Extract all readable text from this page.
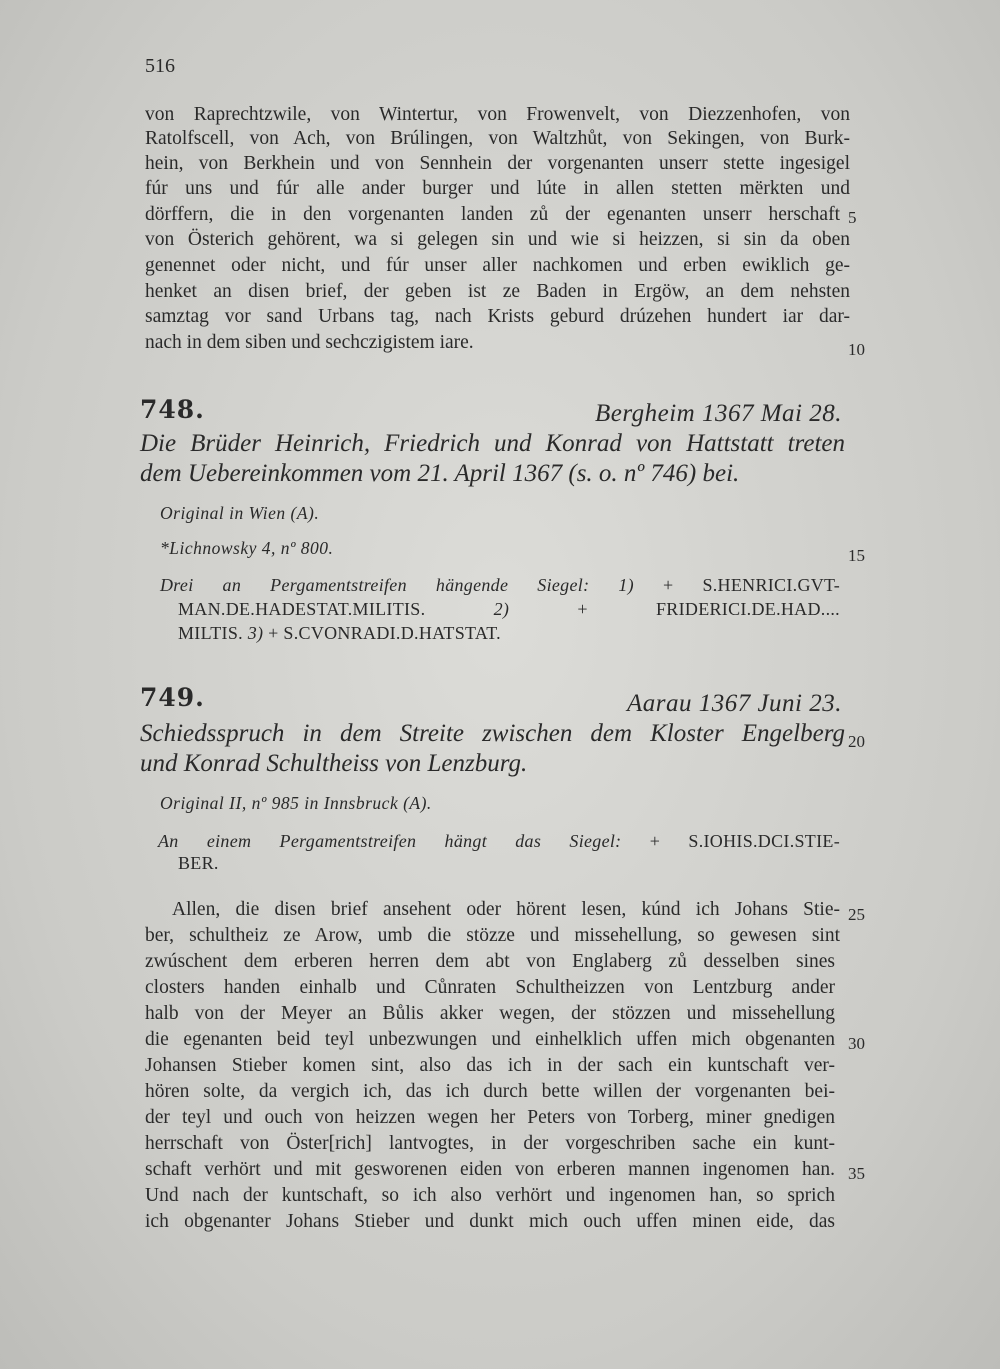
516
von Raprechtzwile, von Wintertur, von Frowenvelt, von Diezzenhofen, von
Ratolfscell, von Ach, von Brúlingen, von Waltzhůt, von Sekingen, von Burk-
hein, von Berkhein und von Sennhein der vorgenanten unserr stette ingesigel
fúr uns und fúr alle ander burger und lúte in allen stetten mërkten und
dörffern, die in den vorgenanten landen zů der egenanten unserr herschaft
von Österich gehörent, wa si gelegen sin und wie si heizzen, si sin da oben
genennet oder nicht, und fúr unser aller nachkomen und erben ewiklich ge-
henket an disen brief, der geben ist ze Baden in Ergöw, an dem nehsten
samztag vor sand Urbans tag, nach Krists geburd drúzehen hundert iar dar-
nach in dem siben und sechczigistem iare.
5
10
15
20
25
30
35
748.	Bergheim 1367 Mai 28.
Die Brüder Heinrich, Friedrich und Konrad von Hattstatt treten
dem Uebereinkommen vom 21. April 1367 (s. o. nº 746) bei.
Original in Wien (A).
*Lichnowsky 4, nº 800.
Drei an Pergamentstreifen hängende Siegel: 1) + S.HENRICI.GVT-
MAN.DE.HADESTAT.MILITIS. 2) + FRIDERICI.DE.HAD....
MILTIS. 3) + S.CVONRADI.D.HATSTAT.
749.	Aarau 1367 Juni 23.
Schiedsspruch in dem Streite zwischen dem Kloster Engelberg
und Konrad Schultheiss von Lenzburg.
Original II, nº 985 in Innsbruck (A).
An einem Pergamentstreifen hängt das Siegel: + S.IOHIS.DCI.STIE-
BER.
Allen, die disen brief ansehent oder hörent lesen, kúnd ich Johans Stie-
ber, schultheiz ze Arow, umb die stözze und missehellung, so gewesen sint
zwúschent dem erberen herren dem abt von Englaberg zů desselben sines
closters handen einhalb und Cůnraten Schultheizzen von Lentzburg ander
halb von der Meyer an Bůlis akker wegen, der stözzen und missehellung
die egenanten beid teyl unbezwungen und einhelklich uffen mich obgenanten
Johansen Stieber komen sint, also das ich in der sach ein kuntschaft ver-
hören solte, da vergich ich, das ich durch bette willen der vorgenanten bei-
der teyl und ouch von heizzen wegen her Peters von Torberg, miner gnedigen
herrschaft von Öster[rich] lantvogtes, in der vorgeschriben sache ein kunt-
schaft verhört und mit gesworenen eiden von erberen mannen ingenomen han.
Und nach der kuntschaft, so ich also verhört und ingenomen han, so sprich
ich obgenanter Johans Stieber und dunkt mich ouch uffen minen eide, das
